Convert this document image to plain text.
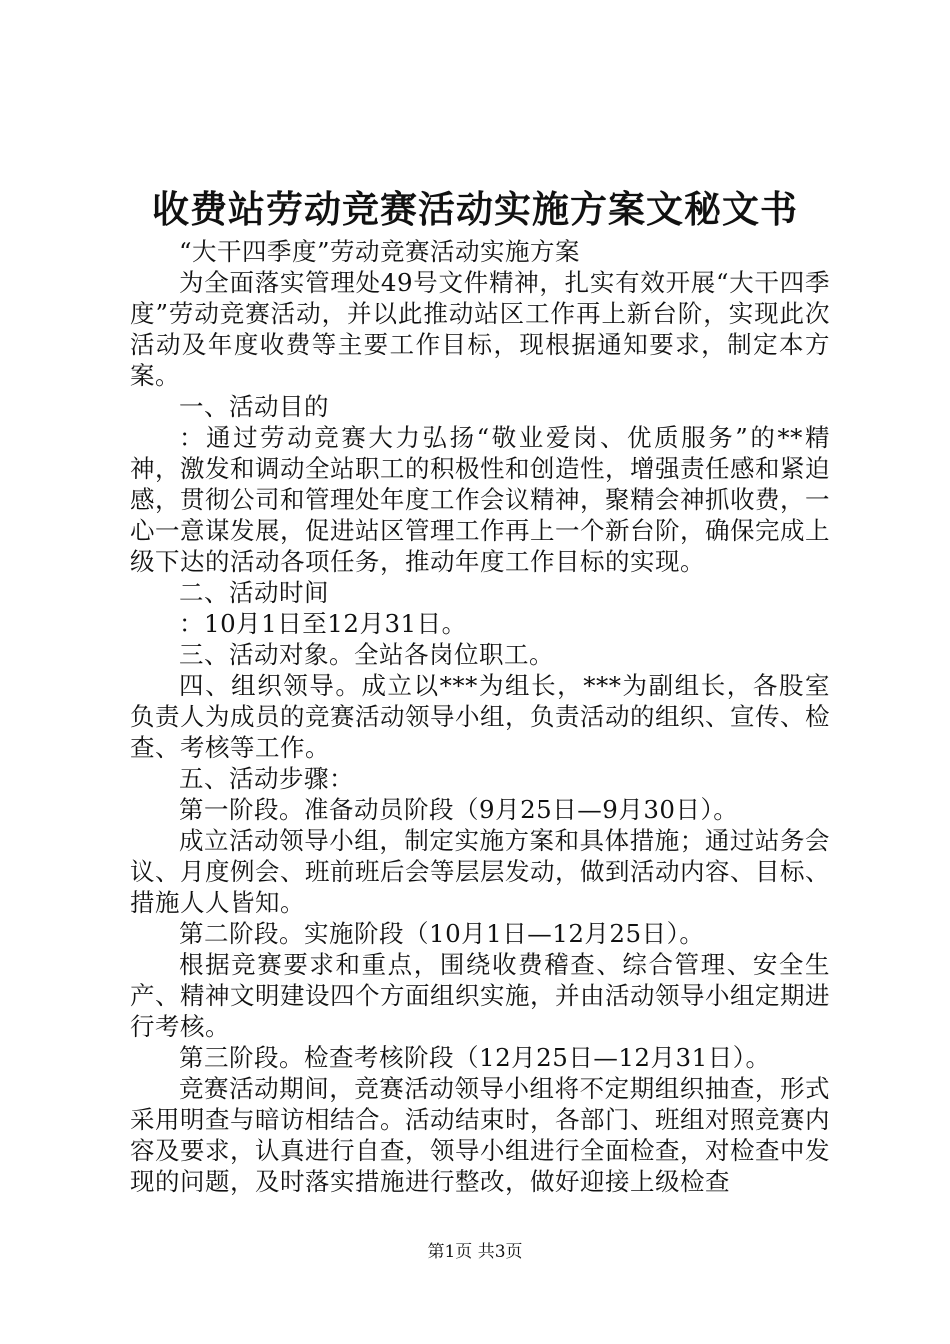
收费站劳动竞赛活动实施方案文秘文书

“大干四季度”劳动竞赛活动实施方案

为全面落实管理处49号文件精神，扎实有效开展“大干四季度”劳动竞赛活动，并以此推动站区工作再上新台阶，实现此次活动及年度收费等主要工作目标，现根据通知要求，制定本方案。

一、活动目的

：通过劳动竞赛大力弘扬“敬业爱岗、优质服务”的**精神，激发和调动全站职工的积极性和创造性，增强责任感和紧迫感，贯彻公司和管理处年度工作会议精神，聚精会神抓收费，一心一意谋发展，促进站区管理工作再上一个新台阶，确保完成上级下达的活动各项任务，推动年度工作目标的实现。

二、活动时间

：10月1日至12月31日。

三、活动对象。全站各岗位职工。

四、组织领导。成立以***为组长，***为副组长，各股室负责人为成员的竞赛活动领导小组，负责活动的组织、宣传、检查、考核等工作。

五、活动步骤：

第一阶段。准备动员阶段（9月25日—9月30日）。

成立活动领导小组，制定实施方案和具体措施；通过站务会议、月度例会、班前班后会等层层发动，做到活动内容、目标、措施人人皆知。

第二阶段。实施阶段（10月1日—12月25日）。

根据竞赛要求和重点，围绕收费稽查、综合管理、安全生产、精神文明建设四个方面组织实施，并由活动领导小组定期进行考核。

第三阶段。检查考核阶段（12月25日—12月31日）。

竞赛活动期间，竞赛活动领导小组将不定期组织抽查，形式采用明查与暗访相结合。活动结束时，各部门、班组对照竞赛内容及要求，认真进行自查，领导小组进行全面检查，对检查中发现的问题，及时落实措施进行整改，做好迎接上级检查

第1页 共3页
